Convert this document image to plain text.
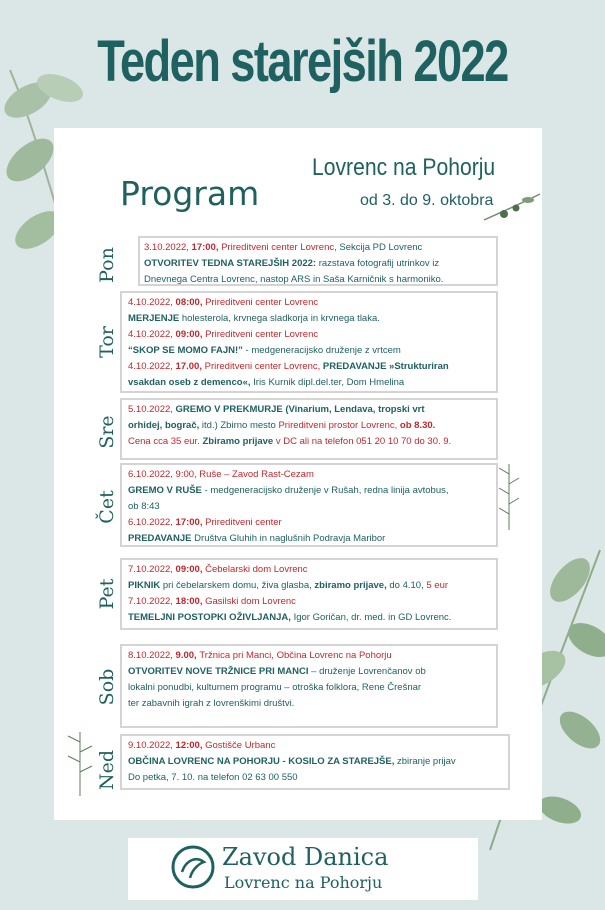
Teden starejših 2022
Program
Lovrenc na Pohorju
od 3. do 9. oktobra
Pon
Tor
Sre
Čet
Pet
Sob
Ned
3.10.2022, 17:00, Prireditveni center Lovrenc, Sekcija PD Lovrenc
OTVORITEV TEDNA STAREJŠIH 2022: razstava fotografij utrinkov iz
Dnevnega Centra Lovrenc, nastop ARS in Saša Karničnik s harmoniko.
4.10.2022, 08:00, Prireditveni center Lovrenc
MERJENJE holesterola, krvnega sladkorja in krvnega tlaka.
4.10.2022, 09:00, Prireditveni center Lovrenc
“SKOP SE MOMO FAJN!” - medgeneracijsko druženje z vrtcem
4.10.2022, 17.00, Prireditveni center Lovrenc, PREDAVANJE »Strukturiran
vsakdan oseb z demenco«, Iris Kurnik dipl.del.ter, Dom Hmelina
5.10.2022, GREMO V PREKMURJE (Vinarium, Lendava, tropski vrt
orhidej, bograč, itd.) Zbirno mesto Prireditveni prostor Lovrenc, ob 8.30.
Cena cca 35 eur. Zbiramo prijave v DC ali na telefon 051 20 10 70 do 30. 9.
6.10.2022, 9:00, Ruše – Zavod Rast-Cezam
GREMO V RUŠE - medgeneracijsko druženje v Rušah, redna linija avtobus,
ob 8:43
6.10.2022, 17:00, Prireditveni center
PREDAVANJE Društva Gluhih in naglušnih Podravja Maribor
7.10.2022, 09:00, Čebelarski dom Lovrenc
PIKNIK pri čebelarskem domu, živa glasba, zbiramo prijave, do 4.10, 5 eur
7.10.2022, 18:00, Gasilski dom Lovrenc
TEMELJNI POSTOPKI OŽIVLJANJA, Igor Goričan, dr. med. in GD Lovrenc.
8.10.2022, 9.00, Tržnica pri Manci, Občina Lovrenc na Pohorju
OTVORITEV NOVE TRŽNICE PRI MANCI – druženje Lovrenčanov ob
lokalni ponudbi, kulturnem programu – otroška folklora, Rene Črešnar
ter zabavnih igrah z lovrenškimi društvi.
9.10.2022, 12:00, Gostišče Urbanc
OBČINA LOVRENC NA POHORJU - KOSILO ZA STAREJŠE, zbiranje prijav
Do petka, 7. 10. na telefon 02 63 00 550
Zavod Danica
Lovrenc na Pohorju
